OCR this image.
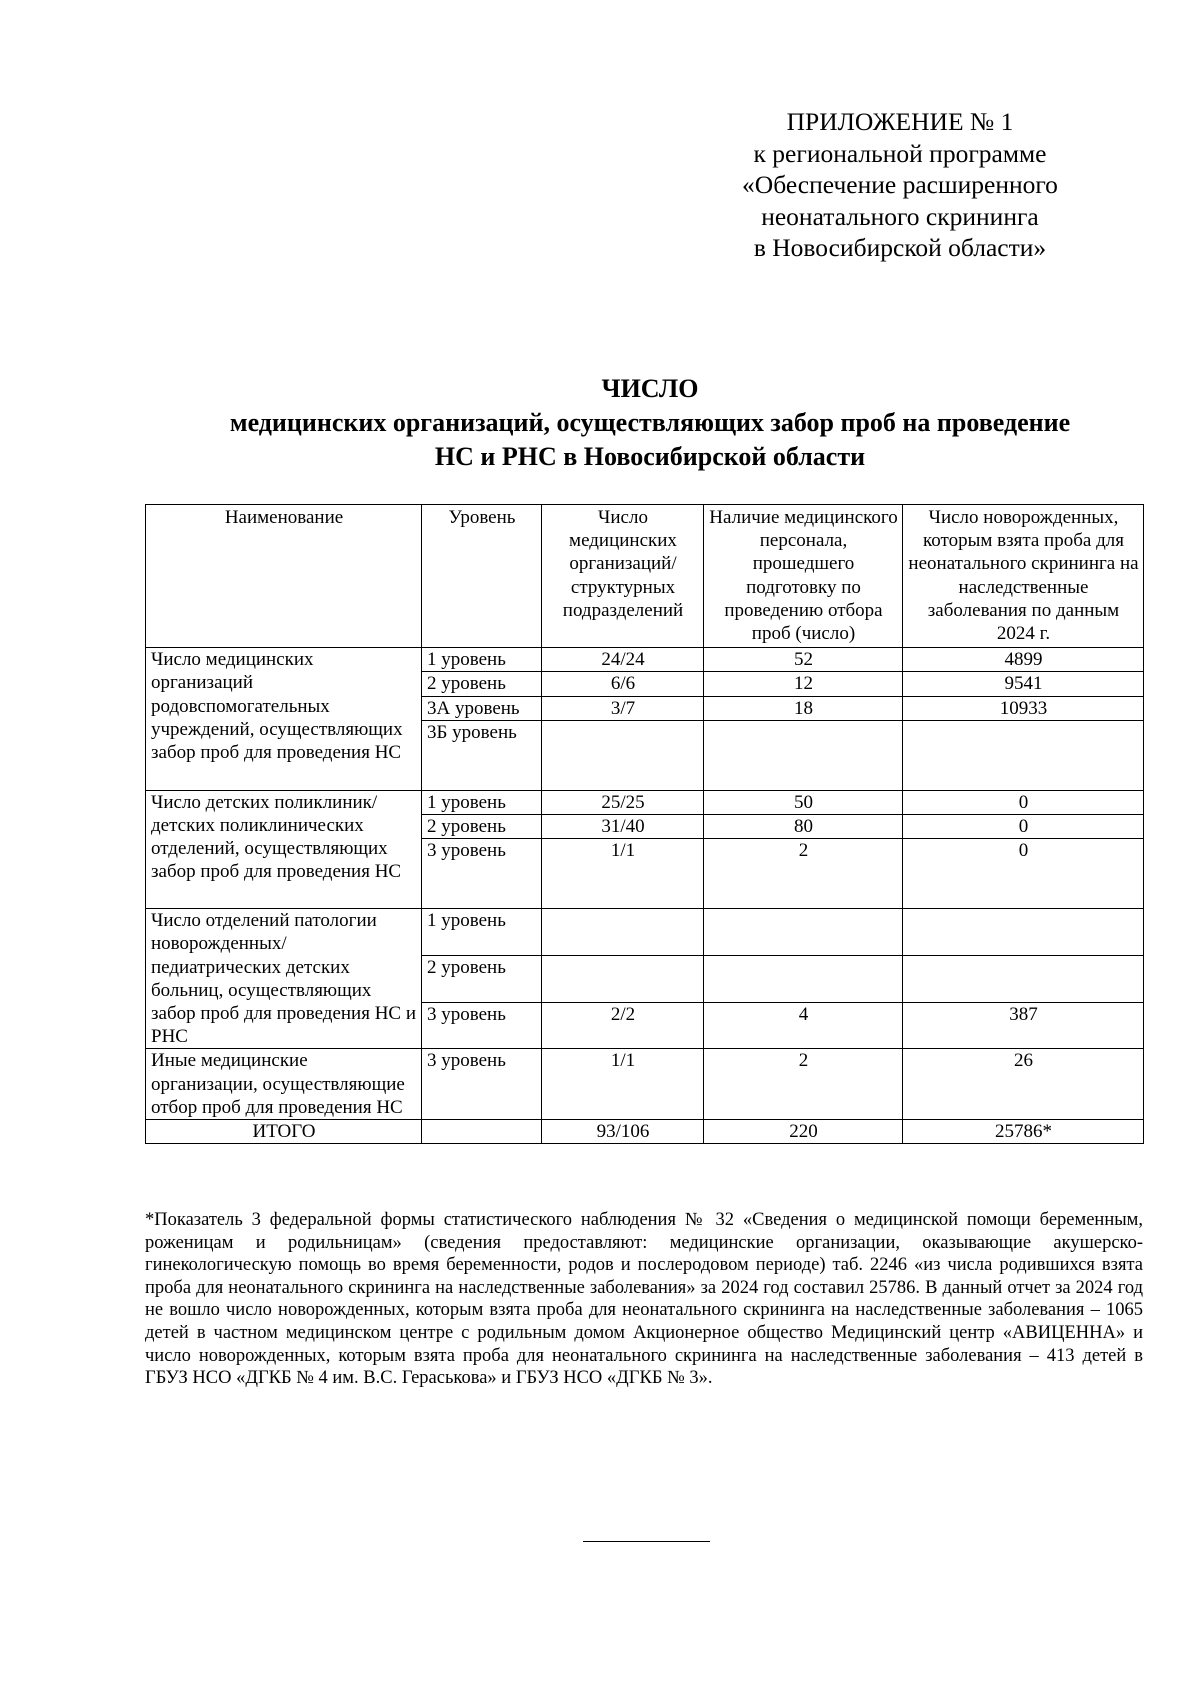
ПРИЛОЖЕНИЕ № 1
к региональной программе
«Обеспечение расширенного
неонатального скрининга
в Новосибирской области»
ЧИСЛО
медицинских организаций, осуществляющих забор проб на проведение
НС и РНС в Новосибирской области
Наименование	Уровень	Число медицинских организаций/ структурных подразделений	Наличие медицинского персонала, прошедшего подготовку по проведению отбора проб (число)	Число новорожденных, которым взята проба для неонатального скрининга на наследственные заболевания по данным 2024 г.
Число медицинских организаций родовспомогательных учреждений, осуществляющих забор проб для проведения НС	1 уровень	24/24	52	4899
	2 уровень	6/6	12	9541
	3А уровень	3/7	18	10933
	3Б уровень			
Число детских поликлиник/детских поликлинических отделений, осуществляющих забор проб для проведения НС	1 уровень	25/25	50	0
	2 уровень	31/40	80	0
	3 уровень	1/1	2	0
Число отделений патологии новорожденных/ педиатрических детских больниц, осуществляющих забор проб для проведения НС и РНС	1 уровень			
	2 уровень			
	3 уровень	2/2	4	387
Иные медицинские организации, осуществляющие отбор проб для проведения НС	3 уровень	1/1	2	26
ИТОГО		93/106	220	25786*
*Показатель 3 федеральной формы статистического наблюдения № 32 «Сведения о медицинской помощи беременным, роженицам и родильницам» (сведения предоставляют: медицинские организации, оказывающие акушерско-гинекологическую помощь во время беременности, родов и послеродовом периоде) таб. 2246 «из числа родившихся взята проба для неонатального скрининга на наследственные заболевания» за 2024 год составил 25786. В данный отчет за 2024 год не вошло число новорожденных, которым взята проба для неонатального скрининга на наследственные заболевания – 1065 детей в частном медицинском центре с родильным домом Акционерное общество Медицинский центр «АВИЦЕННА» и число новорожденных, которым взята проба для неонатального скрининга на наследственные заболевания – 413 детей в ГБУЗ НСО «ДГКБ № 4 им. В.С. Гераськова» и ГБУЗ НСО «ДГКБ № 3».
